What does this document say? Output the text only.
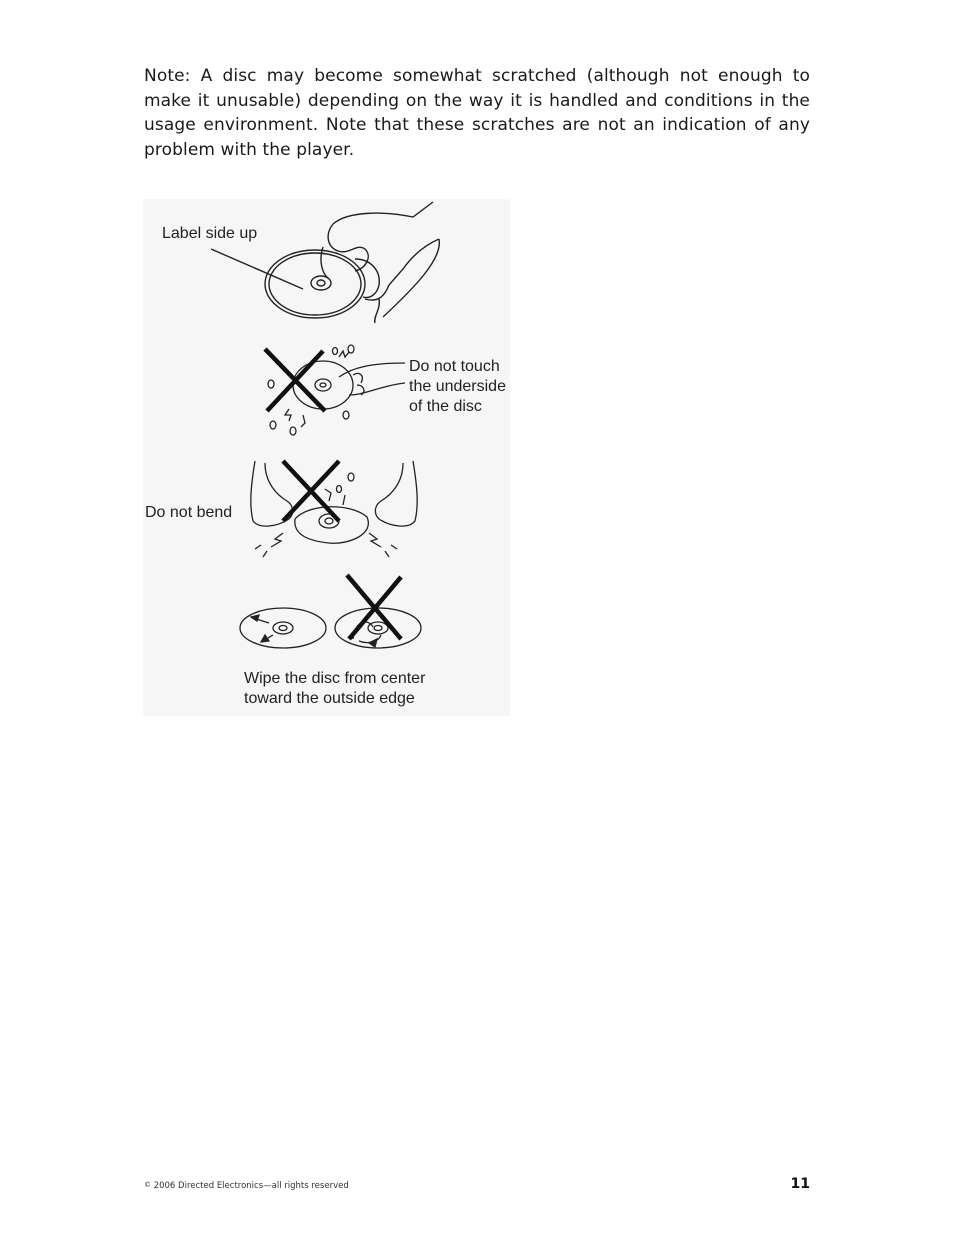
Note: A disc may become somewhat scratched (although not enough to make it unusable) depending on the way it is handled and conditions in the usage environment. Note that these scratches are not an indication of any problem with the player.

Label side up

Do not touch
the underside
of the disc

Do not bend

Wipe the disc from center
toward the outside edge

© 2006 Directed Electronics—all rights reserved	11
